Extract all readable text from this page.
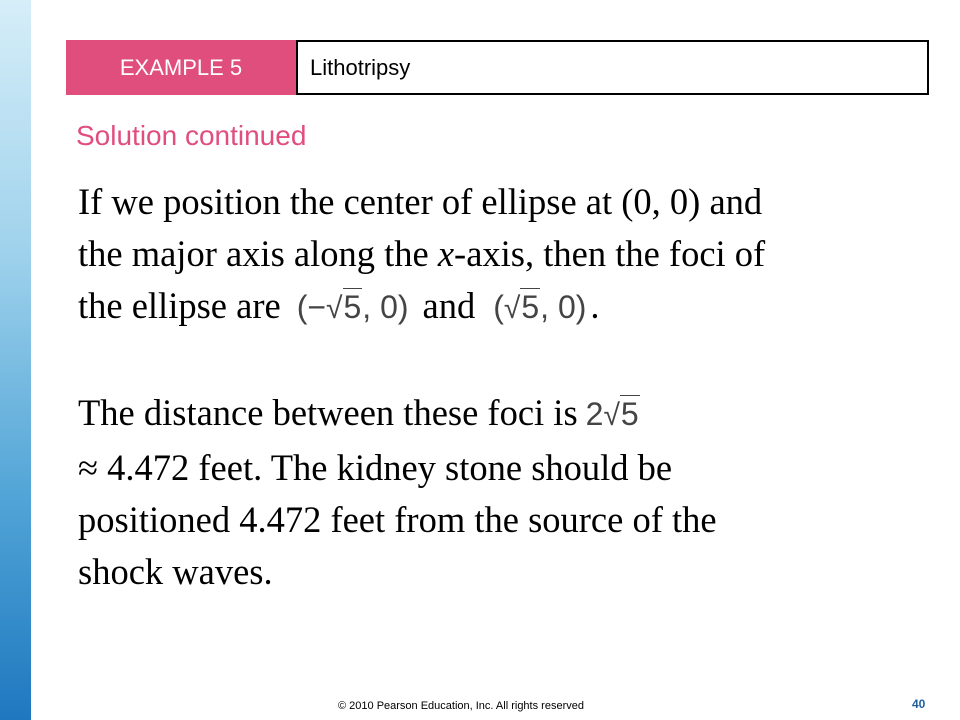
EXAMPLE 5	Lithotripsy
Solution continued
If we position the center of ellipse at (0, 0) and
the major axis along the x-axis, then the foci of
the ellipse are (−√5, 0) and (√5, 0) .
The distance between these foci is 2√5
≈ 4.472 feet. The kidney stone should be
positioned 4.472 feet from the source of the
shock waves.
© 2010 Pearson Education, Inc. All rights reserved	40
